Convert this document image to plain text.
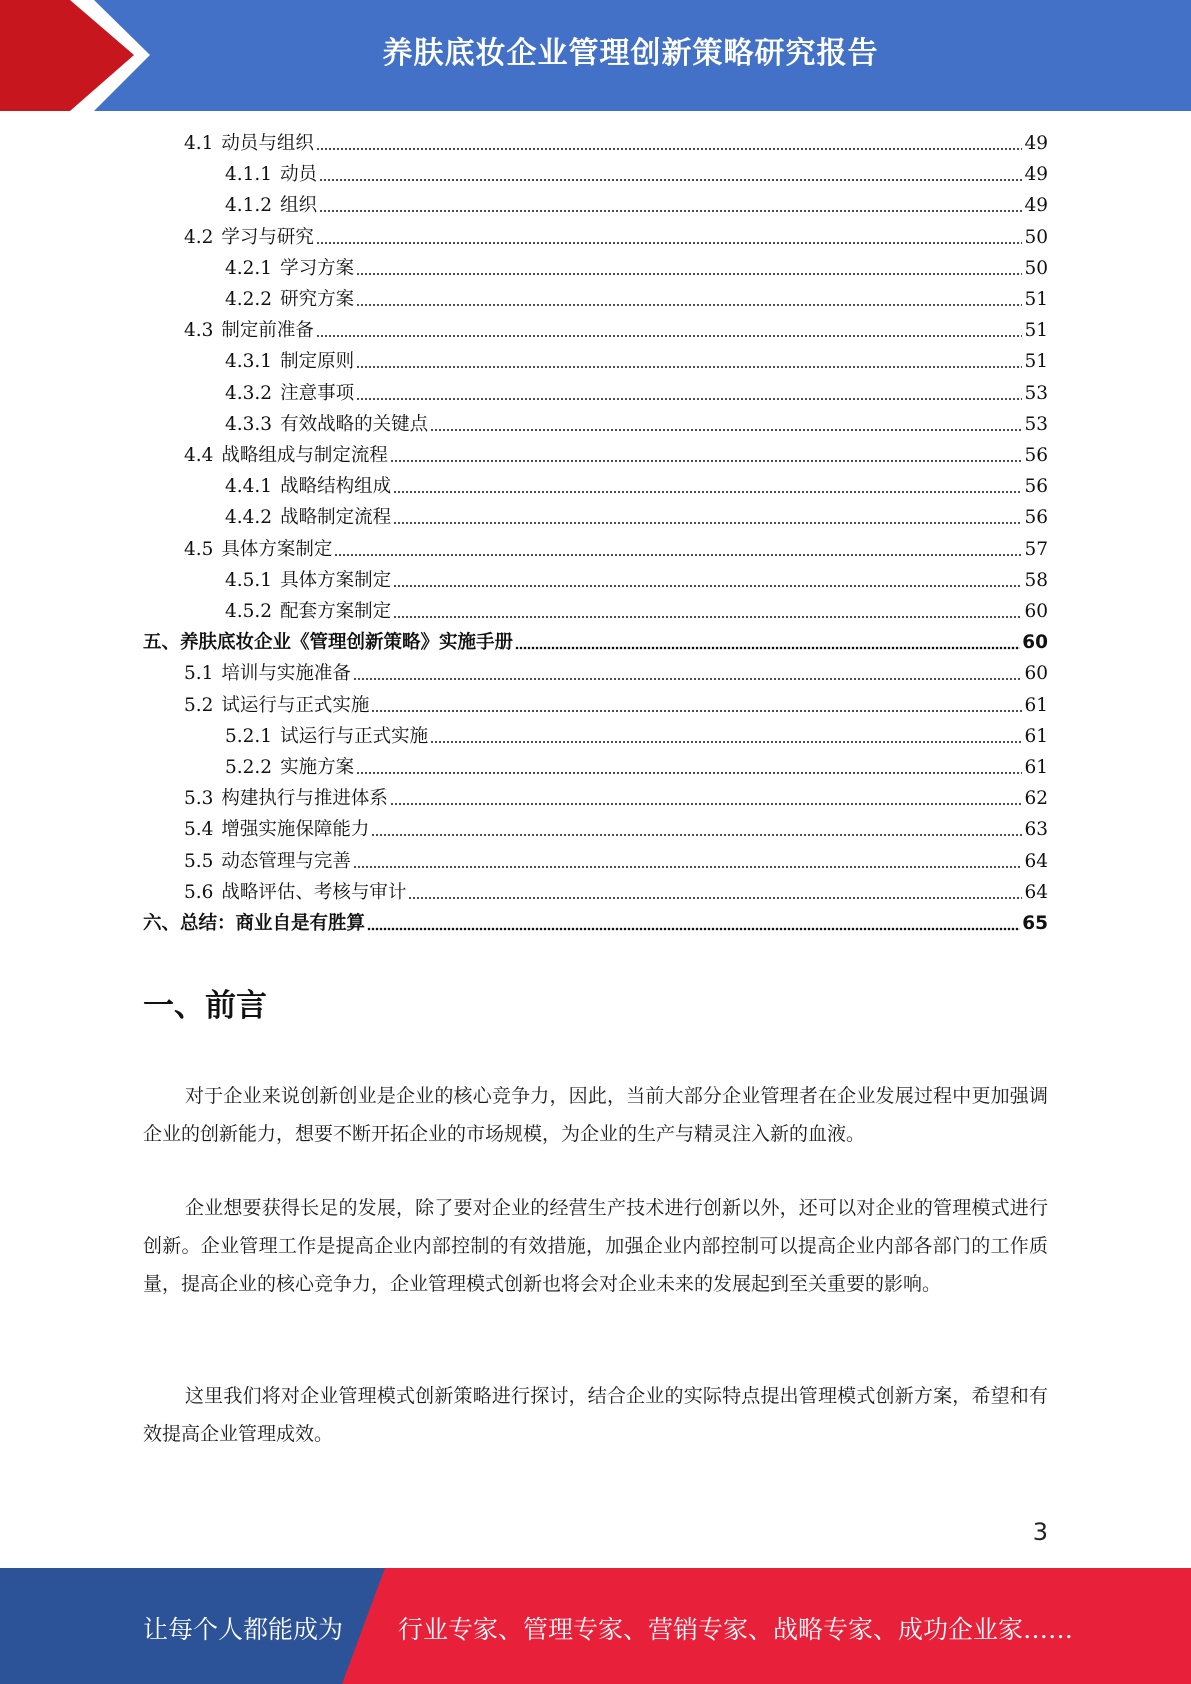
养肤底妆企业管理创新策略研究报告
4.1 动员与组织	49
4.1.1 动员	49
4.1.2 组织	49
4.2 学习与研究	50
4.2.1 学习方案	50
4.2.2 研究方案	51
4.3 制定前准备	51
4.3.1 制定原则	51
4.3.2 注意事项	53
4.3.3 有效战略的关键点	53
4.4 战略组成与制定流程	56
4.4.1 战略结构组成	56
4.4.2 战略制定流程	56
4.5 具体方案制定	57
4.5.1 具体方案制定	58
4.5.2 配套方案制定	60
五、养肤底妆企业《管理创新策略》实施手册	60
5.1 培训与实施准备	60
5.2 试运行与正式实施	61
5.2.1 试运行与正式实施	61
5.2.2 实施方案	61
5.3 构建执行与推进体系	62
5.4 增强实施保障能力	63
5.5 动态管理与完善	64
5.6 战略评估、考核与审计	64
六、总结：商业自是有胜算	65
一、前言

对于企业来说创新创业是企业的核心竞争力，因此，当前大部分企业管理者在企业发展过程中更加强调企业的创新能力，想要不断开拓企业的市场规模，为企业的生产与精灵注入新的血液。

企业想要获得长足的发展，除了要对企业的经营生产技术进行创新以外，还可以对企业的管理模式进行创新。企业管理工作是提高企业内部控制的有效措施，加强企业内部控制可以提高企业内部各部门的工作质量，提高企业的核心竞争力，企业管理模式创新也将会对企业未来的发展起到至关重要的影响。

这里我们将对企业管理模式创新策略进行探讨，结合企业的实际特点提出管理模式创新方案，希望和有效提高企业管理成效。

3
让每个人都能成为 行业专家、管理专家、营销专家、战略专家、成功企业家……
